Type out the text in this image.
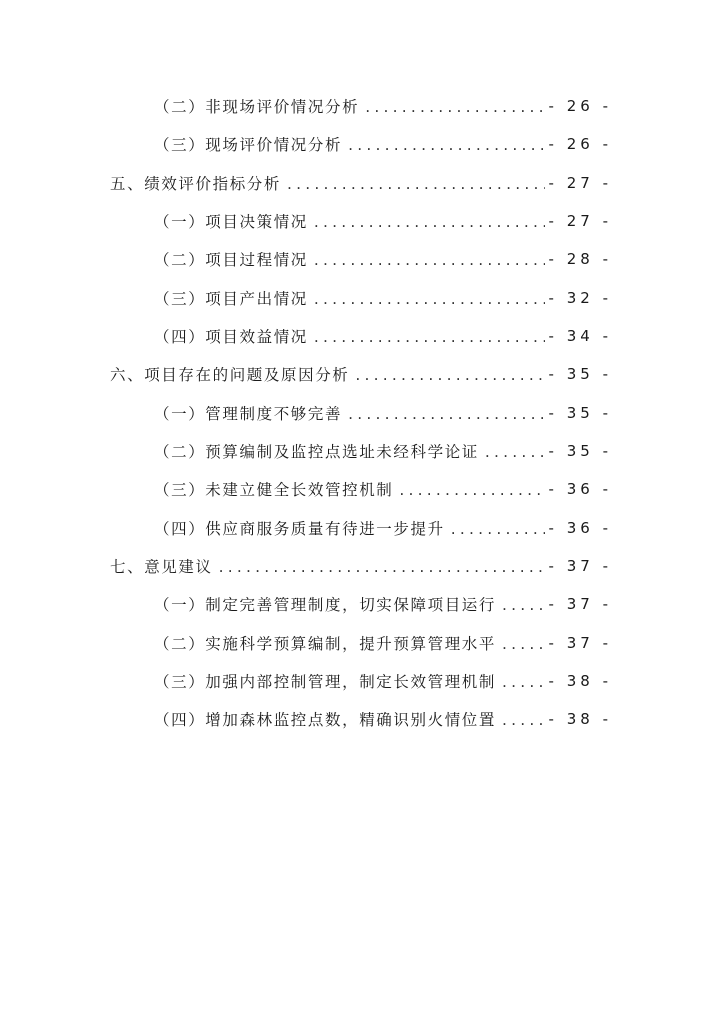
（二）非现场评价情况分析 .....	- 26 -
（三）现场评价情况分析 .....	- 26 -
五、绩效评价指标分析 .....	- 27 -
（一）项目决策情况 .....	- 27 -
（二）项目过程情况 .....	- 28 -
（三）项目产出情况 .....	- 32 -
（四）项目效益情况 .....	- 34 -
六、项目存在的问题及原因分析 .....	- 35 -
（一）管理制度不够完善 .....	- 35 -
（二）预算编制及监控点选址未经科学论证 .....	- 35 -
（三）未建立健全长效管控机制 .....	- 36 -
（四）供应商服务质量有待进一步提升 .....	- 36 -
七、意见建议 .....	- 37 -
（一）制定完善管理制度，切实保障项目运行 .....	- 37 -
（二）实施科学预算编制，提升预算管理水平 .....	- 37 -
（三）加强内部控制管理，制定长效管理机制 .....	- 38 -
（四）增加森林监控点数，精确识别火情位置 .....	- 38 -
